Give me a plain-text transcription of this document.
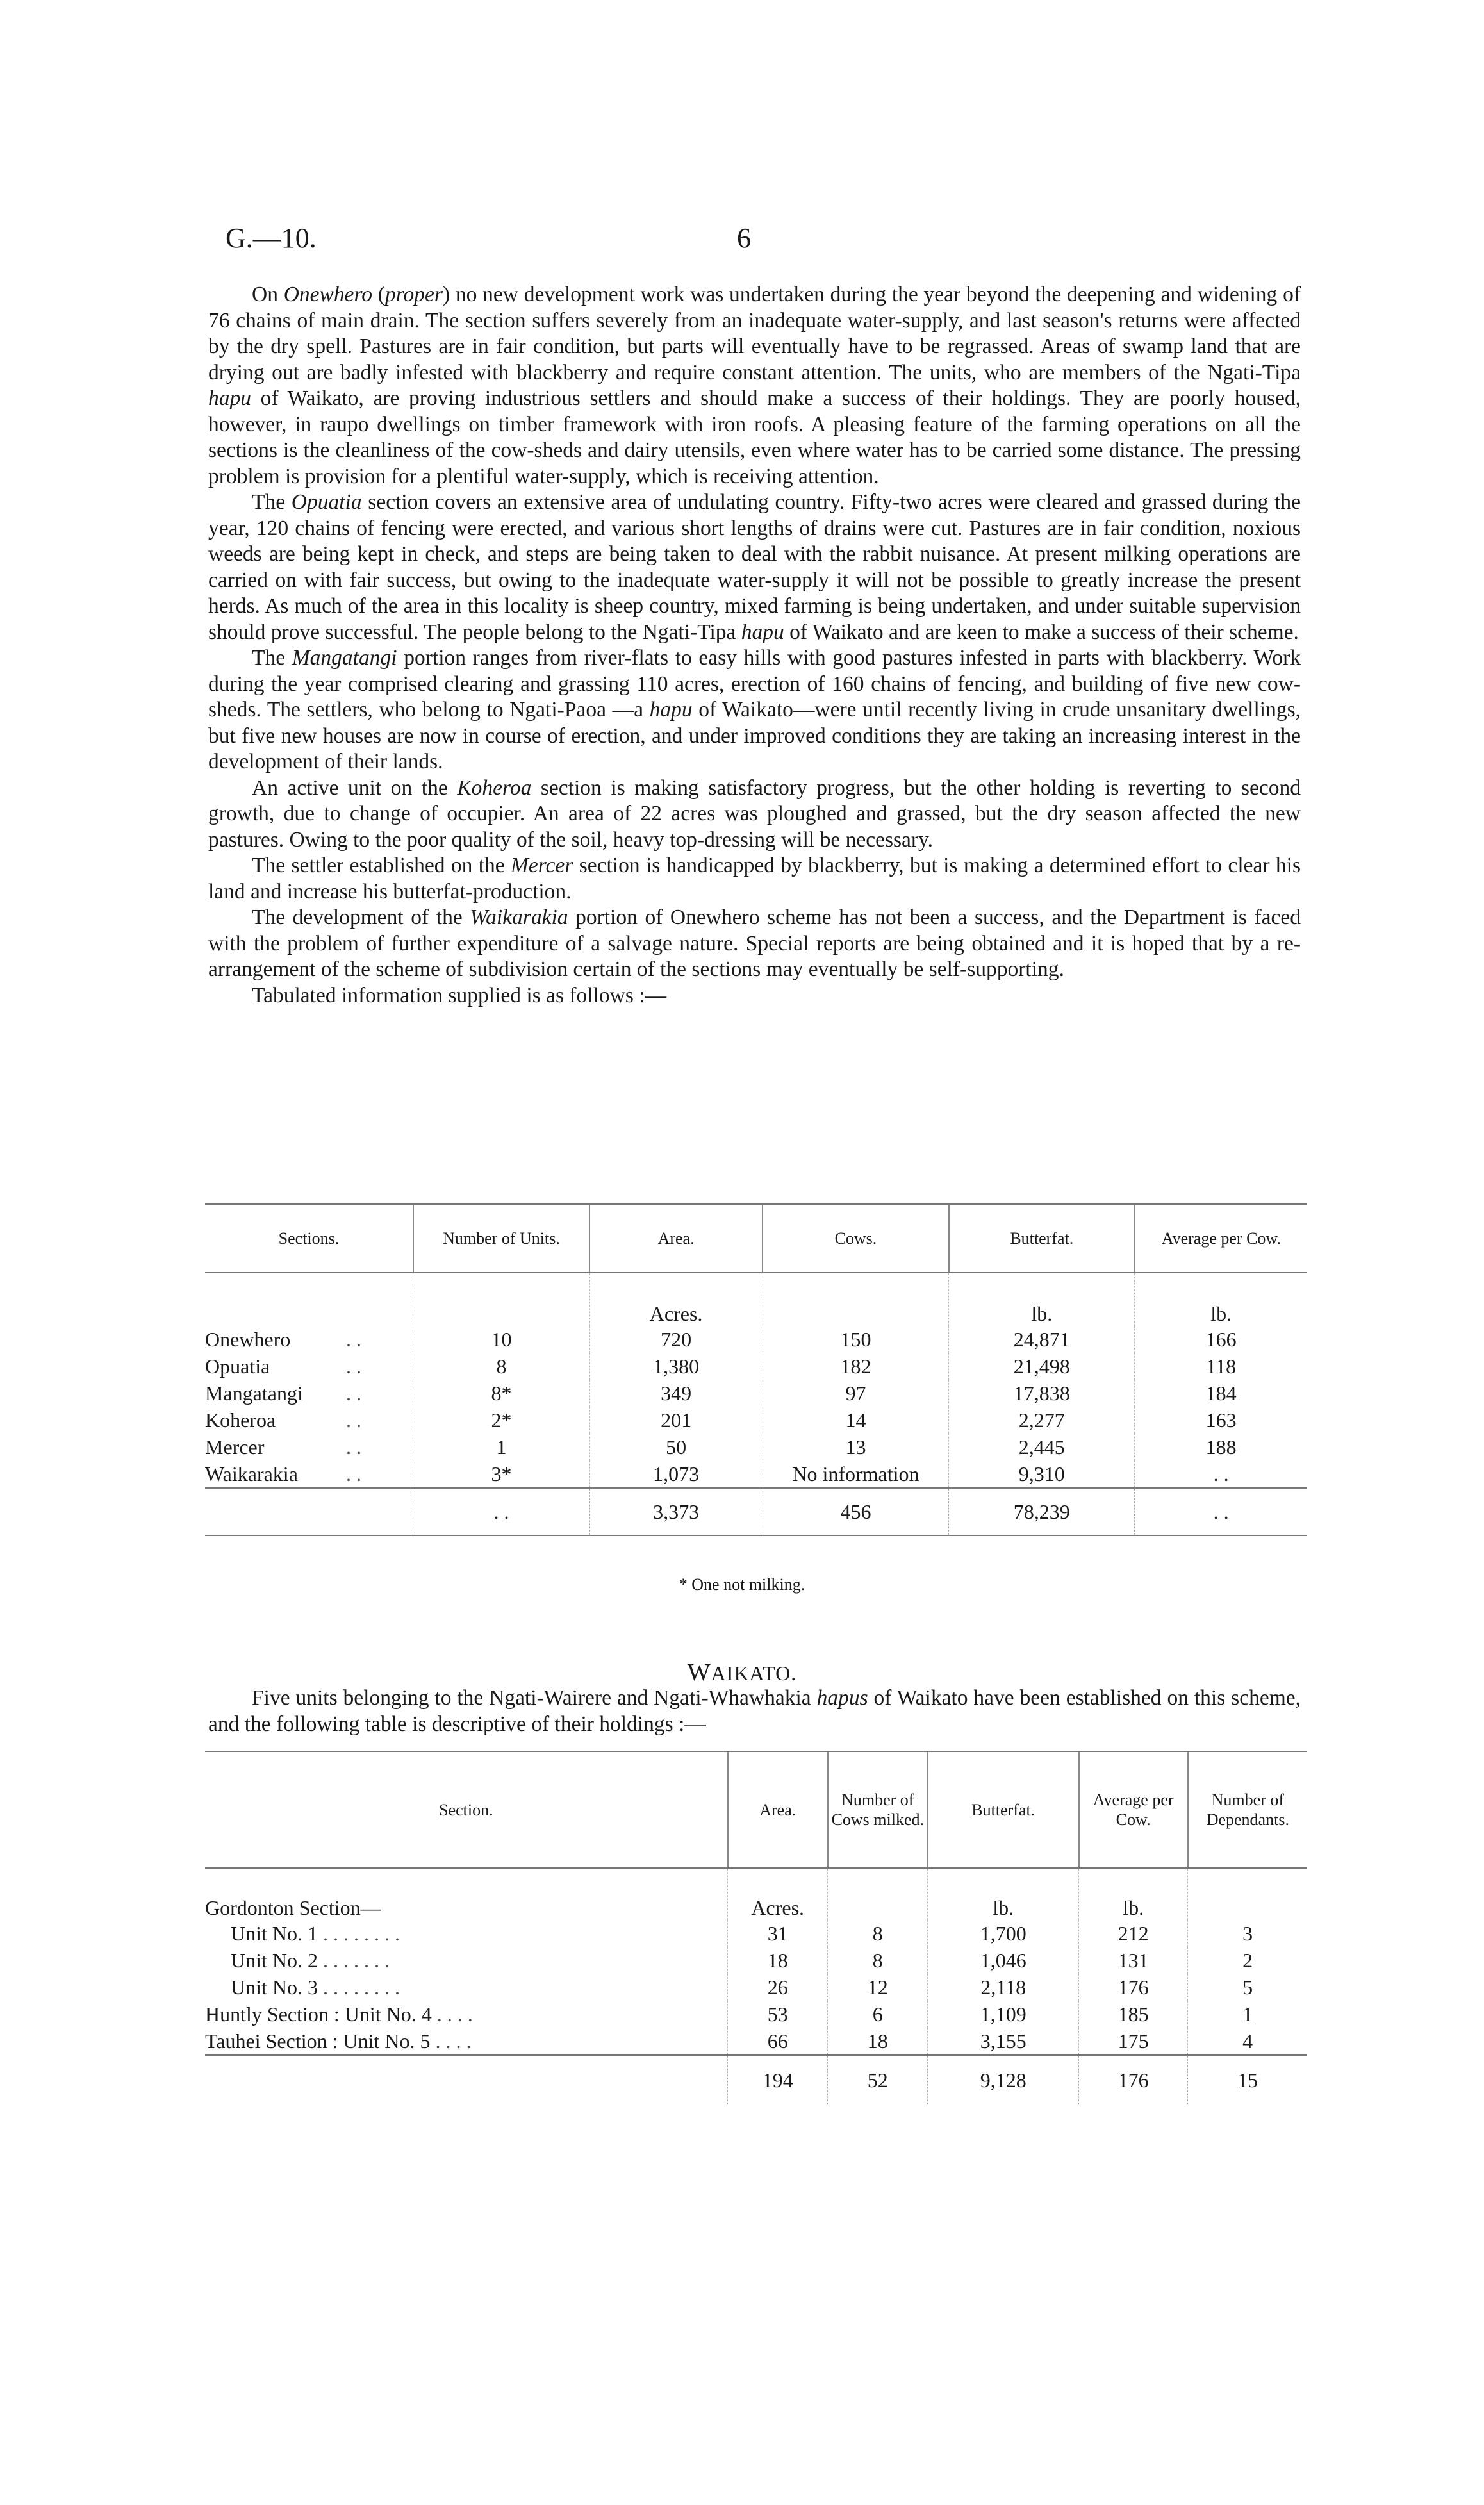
G.—10.	6

On Onewhero (proper) no new development work was undertaken during the year beyond the deepening and widening of 76 chains of main drain. The section suffers severely from an inadequate water-supply, and last season's returns were affected by the dry spell. Pastures are in fair condition, but parts will eventually have to be regrassed. Areas of swamp land that are drying out are badly infested with blackberry and require constant attention. The units, who are members of the Ngati-Tipa hapu of Waikato, are proving industrious settlers and should make a success of their holdings. They are poorly housed, however, in raupo dwellings on timber framework with iron roofs. A pleasing feature of the farming operations on all the sections is the cleanliness of the cow-sheds and dairy utensils, even where water has to be carried some distance. The pressing problem is provision for a plentiful water-supply, which is receiving attention.

The Opuatia section covers an extensive area of undulating country. Fifty-two acres were cleared and grassed during the year, 120 chains of fencing were erected, and various short lengths of drains were cut. Pastures are in fair condition, noxious weeds are being kept in check, and steps are being taken to deal with the rabbit nuisance. At present milking operations are carried on with fair success, but owing to the inadequate water-supply it will not be possible to greatly increase the present herds. As much of the area in this locality is sheep country, mixed farming is being undertaken, and under suitable supervision should prove successful. The people belong to the Ngati-Tipa hapu of Waikato and are keen to make a success of their scheme.

The Mangatangi portion ranges from river-flats to easy hills with good pastures infested in parts with blackberry. Work during the year comprised clearing and grassing 110 acres, erection of 160 chains of fencing, and building of five new cow-sheds. The settlers, who belong to Ngati-Paoa —a hapu of Waikato—were until recently living in crude unsanitary dwellings, but five new houses are now in course of erection, and under improved conditions they are taking an increasing interest in the development of their lands.

An active unit on the Koheroa section is making satisfactory progress, but the other holding is reverting to second growth, due to change of occupier. An area of 22 acres was ploughed and grassed, but the dry season affected the new pastures. Owing to the poor quality of the soil, heavy top-dressing will be necessary.

The settler established on the Mercer section is handicapped by blackberry, but is making a determined effort to clear his land and increase his butterfat-production.

The development of the Waikarakia portion of Onewhero scheme has not been a success, and the Department is faced with the problem of further expenditure of a salvage nature. Special reports are being obtained and it is hoped that by a re-arrangement of the scheme of subdivision certain of the sections may eventually be self-supporting.

Tabulated information supplied is as follows :—

Sections.	Number of Units.	Area.	Cows.	Butterfat.	Average per Cow.
		Acres.		lb.	lb.
Onewhero . .	10	720	150	24,871	166
Opuatia . .	8	1,380	182	21,498	118
Mangatangi . .	8*	349	97	17,838	184
Koheroa . .	2*	201	14	2,277	163
Mercer . .	1	50	13	2,445	188
Waikarakia . .	3*	1,073	No information	9,310	. .
	. .	3,373	456	78,239	. .
* One not milking.
WAIKATO.

Five units belonging to the Ngati-Wairere and Ngati-Whawhakia hapus of Waikato have been established on this scheme, and the following table is descriptive of their holdings :—

Section.	Area.	Number of Cows milked.	Butterfat.	Average per Cow.	Number of Dependants.
Gordonton Section—	Acres.		lb.	lb.	
Unit No. 1 . . . . . . . .	31	8	1,700	212	3
Unit No. 2 . . . . . . .	18	8	1,046	131	2
Unit No. 3 . . . . . . . .	26	12	2,118	176	5
Huntly Section : Unit No. 4 . . . .	53	6	1,109	185	1
Tauhei Section : Unit No. 5 . . . .	66	18	3,155	175	4
	194	52	9,128	176	15
